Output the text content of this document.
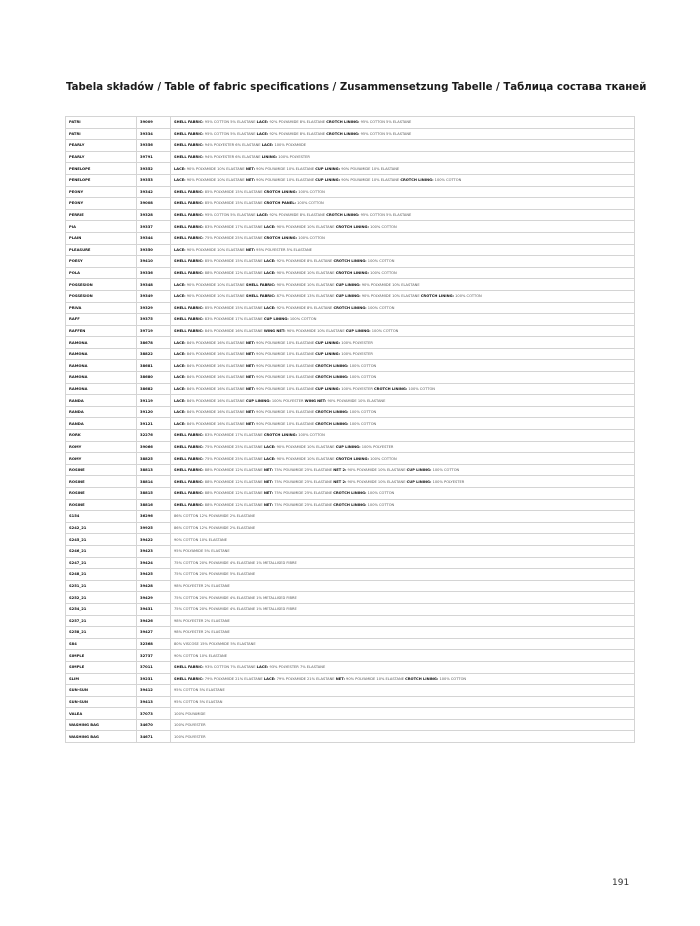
Tabela składów / Table of fabric specifications / Zusammensetzung Tabelle / Таблица состава тканей
PATRI	39009	SHELL FABRIC: 95% COTTON 5% ELASTANE LACE: 92% POLYAMIDE 8% ELASTANE CROTCH LINING: 95% COTTON 5% ELASTANE
PATRI	39334	SHELL FABRIC: 95% COTTON 5% ELASTANE LACE: 92% POLYAMIDE 8% ELASTANE CROTCH LINING: 95% COTTON 5% ELASTANE
PEARLY	39356	SHELL FABRIC: 94% POLYESTER 6% ELASTANE LACE: 100% POLYAMIDE
PEARLY	39791	SHELL FABRIC: 94% POLYESTER 6% ELASTANE LINING: 100% POLYESTER
PENELOPE	39352	LACE: 90% POLYAMIDE 10% ELASTANE NET: 90% POLYAMIDE 10% ELASTANE CUP LINING: 90% POLYAMIDE 10% ELASTANE
PENELOPE	39353	LACE: 90% POLYAMIDE 10% ELASTANE NET: 90% POLYAMIDE 10% ELASTANE CUP LINING: 90% POLYAMIDE 10% ELASTANE CROTCH LINING: 100% COTTON
PEONY	39342	SHELL FABRIC: 85% POLYAMIDE 15% ELASTANE CROTCH LINING: 100% COTTON
PEONY	39008	SHELL FABRIC: 85% POLYAMIDE 15% ELASTANE CROTCH PANEL: 100% COTTON
PERRIE	39328	SHELL FABRIC: 95% COTTON 5% ELASTANE LACE: 92% POLYAMIDE 8% ELASTANE CROTCH LINING: 95% COTTON 5% ELASTANE
PIA	39337	SHELL FABRIC: 83% POLYAMIDE 17% ELASTANE LACE: 90% POLYAMIDE 10% ELASTANE CROTCH LINING: 100% COTTON
PLAIN	39344	SHELL FABRIC: 75% POLYAMIDE 25% ELASTANE CROTCH LINING: 100% COTTON
PLEASURE	39350	LACE: 90% POLYAMIDE 10% ELASTANE NET: 95% POLYESTER 5% ELASTANE
POESY	39410	SHELL FABRIC: 85% POLYAMIDE 15% ELASTANE LACE: 92% POLYAMIDE 8% ELASTANE CROTCH LINING: 100% COTTON
POLA	39336	SHELL FABRIC: 88% POLYAMIDE 12% ELASTANE LACE: 90% POLYAMIDE 10% ELASTANE CROTCH LINING: 100% COTTON
POSSESION	39348	LACE: 90% POLYAMIDE 10% ELASTANE SHELL FABRIC: 90% POLYAMIDE 10% ELASTANE CUP LINING: 90% POLYAMIDE 10% ELASTANE
POSSESION	39349	LACE: 90% POLYAMIDE 10% ELASTANE SHELL FABRIC: 87% POLYAMIDE 13% ELASTANE CUP LINING: 90% POLYAMIDE 10% ELASTANE CROTCH LINING: 100% COTTON
PRIVA	39329	SHELL FABRIC: 85% POLYAMIDE 15% ELASTANE LACE: 92% POLYAMIDE 8% ELASTANE CROTCH LINING: 100% COTTON
RAFF	39375	SHELL FABRIC: 83% POLYAMIDE 17% ELASTANE CUP LINING: 100% COTTON
RAFFEN	39719	SHELL FABRIC: 84% POLYAMIDE 16% ELASTANE WING NET: 90% POLYAMIDE 10% ELASTANE CUP LINING: 100% COTTON
RAMONA	38678	LACE: 84% POLYAMIDE 16% ELASTANE NET: 90% POLYAMIDE 10% ELASTANE CUP LINING: 100% POLYESTER
RAMONA	38822	LACE: 84% POLYAMIDE 16% ELASTANE NET: 90% POLYAMIDE 10% ELASTANE CUP LINING: 100% POLYESTER
RAMONA	38681	LACE: 84% POLYAMIDE 16% ELASTANE NET: 90% POLYAMIDE 10% ELASTANE CROTCH LINING: 100% COTTON
RAMONA	38680	LACE: 84% POLYAMIDE 16% ELASTANE NET: 90% POLYAMIDE 10% ELASTANE CROTCH LINING: 100% COTTON
RAMONA	38682	LACE: 84% POLYAMIDE 16% ELASTANE NET: 90% POLYAMIDE 10% ELASTANE CUP LINING: 100% POLYESTER CROTCH LINING: 100% COTTON
RANDA	39119	LACE: 84% POLYAMIDE 16% ELASTANE CUP LINING: 100% POLYESTER WING NET: 90% POLYAMIDE 10% ELASTANE
RANDA	39120	LACE: 84% POLYAMIDE 16% ELASTANE NET: 90% POLYAMIDE 10% ELASTANE CROTCH LINING: 100% COTTON
RANDA	39121	LACE: 84% POLYAMIDE 16% ELASTANE NET: 90% POLYAMIDE 10% ELASTANE CROTCH LINING: 100% COTTON
RORK	32276	SHELL FABRIC: 83% POLYAMIDE 17% ELASTANE CROTCH LINING: 100% COTTON
ROMY	39066	SHELL FABRIC: 75% POLYAMIDE 25% ELASTANE LACE: 90% POLYAMIDE 10% ELASTANE CUP LINING: 100% POLYESTER
ROMY	38825	SHELL FABRIC: 75% POLYAMIDE 25% ELASTANE LACE: 90% POLYAMIDE 10% ELASTANE CROTCH LINING: 100% COTTON
ROSINE	38813	SHELL FABRIC: 88% POLYAMIDE 12% ELASTANE NET: 75% POLYAMIDE 25% ELASTANE NET 2: 90% POLYAMIDE 10% ELASTANE CUP LINING: 100% COTTON
ROSINE	38814	SHELL FABRIC: 88% POLYAMIDE 12% ELASTANE NET: 75% POLYAMIDE 25% ELASTANE NET 2: 90% POLYAMIDE 10% ELASTANE CUP LINING: 100% POLYESTER
ROSINE	38815	SHELL FABRIC: 88% POLYAMIDE 12% ELASTANE NET: 75% POLYAMIDE 25% ELASTANE CROTCH LINING: 100% COTTON
ROSINE	38816	SHELL FABRIC: 88% POLYAMIDE 12% ELASTANE NET: 75% POLYAMIDE 25% ELASTANE CROTCH LINING: 100% COTTON
S154	36296	86% COTTON 12% POLYAMIDE 2% ELASTANE
S242_21	39925	86% COTTON 12% POLYAMIDE 2% ELASTANE
S245_21	39422	90% COTTON 10% ELASTANE
S246_21	39423	95% POLYAMIDE 5% ELASTANE
S247_21	39424	75% COTTON 20% POLYAMIDE 4% ELASTANE 1% METALLISED FIBRE
S248_21	39425	75% COTTON 20% POLYAMIDE 5% ELASTANE
S251_21	39428	98% POLYESTER 2% ELASTANE
S252_21	39429	75% COTTON 20% POLYAMIDE 4% ELASTANE 1% METALLISED FIBRE
S254_21	39431	75% COTTON 20% POLYAMIDE 4% ELASTANE 1% METALLISED FIBRE
S257_21	39426	98% POLYESTER 2% ELASTANE
S258_21	39427	98% POLYESTER 2% ELASTANE
S84	32368	80% VISCOSE 15% POLYAMIDE 5% ELASTANE
SIMPLE	32737	90% COTTON 10% ELASTANE
SIMPLE	37011	SHELL FABRIC: 93% COTTON 7% ELASTANE LACE: 93% POLYESTER 7% ELASTANE
SLIM	39231	SHELL FABRIC: 79% POLYAMIDE 21% ELASTANE LACE: 79% POLYAMIDE 21% ELASTANE NET: 90% POLYAMIDE 10% ELASTANE CROTCH LINING: 100% COTTON
SUN-SUN	39412	95% COTTON 5% ELASTANE
SUN-SUN	39413	95% COTTON 5% ELASTAN
VALEA	37073	100% POLYAMIDE
WASHING BAG	34670	100% POLYESTER
WASHING BAG	34671	100% POLYESTER
191
